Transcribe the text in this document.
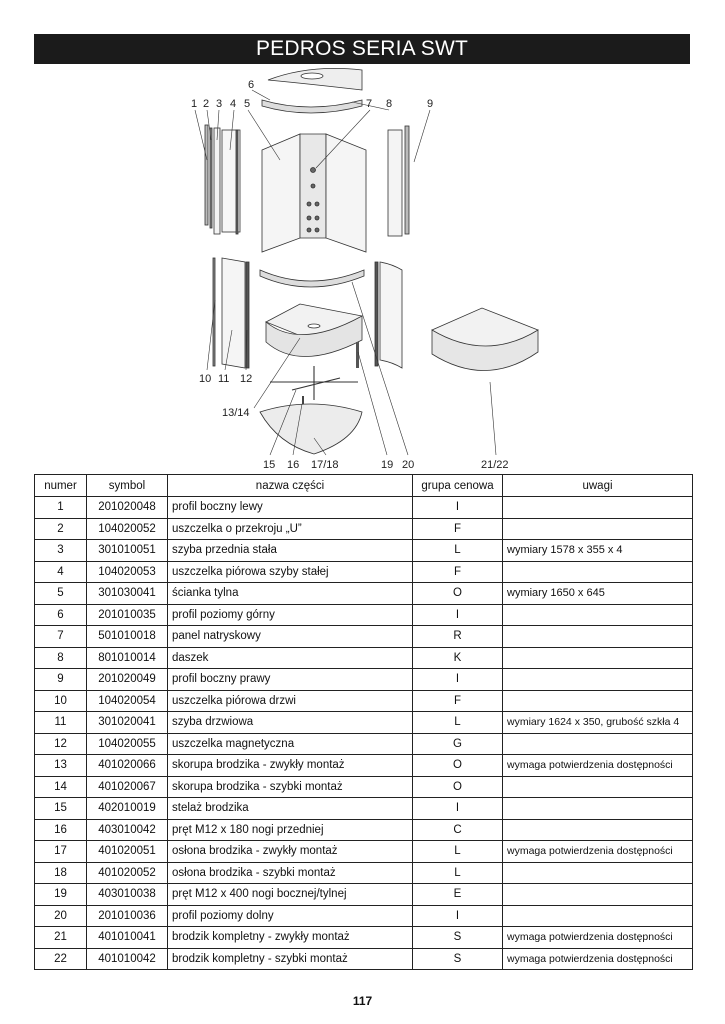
PEDROS SERIA SWT
1 2 3 4 5
6
7 8	9
10 11 12
13/14
15 16 17/18	19 20	21/22
numer	symbol	nazwa części	grupa cenowa	uwagi
1	201020048	profil boczny lewy	I	
2	104020052	uszczelka o przekroju „U”	F	
3	301010051	szyba przednia stała	L	wymiary 1578 x 355 x 4
4	104020053	uszczelka piórowa szyby stałej	F	
5	301030041	ścianka tylna	O	wymiary 1650 x 645
6	201010035	profil poziomy górny	I	
7	501010018	panel natryskowy	R	
8	801010014	daszek	K	
9	201020049	profil boczny prawy	I	
10	104020054	uszczelka piórowa drzwi	F	
11	301020041	szyba drzwiowa	L	wymiary 1624 x 350, grubość szkła 4
12	104020055	uszczelka magnetyczna	G	
13	401020066	skorupa brodzika - zwykły montaż	O	wymaga potwierdzenia dostępności
14	401020067	skorupa brodzika - szybki montaż	O	
15	402010019	stelaż brodzika	I	
16	403010042	pręt M12 x 180 nogi przedniej	C	
17	401020051	osłona brodzika - zwykły montaż	L	wymaga potwierdzenia dostępności
18	401020052	osłona brodzika - szybki montaż	L	
19	403010038	pręt M12 x 400 nogi bocznej/tylnej	E	
20	201010036	profil poziomy dolny	I	
21	401010041	brodzik kompletny - zwykły montaż	S	wymaga potwierdzenia dostępności
22	401010042	brodzik kompletny - szybki montaż	S	wymaga potwierdzenia dostępności
117
